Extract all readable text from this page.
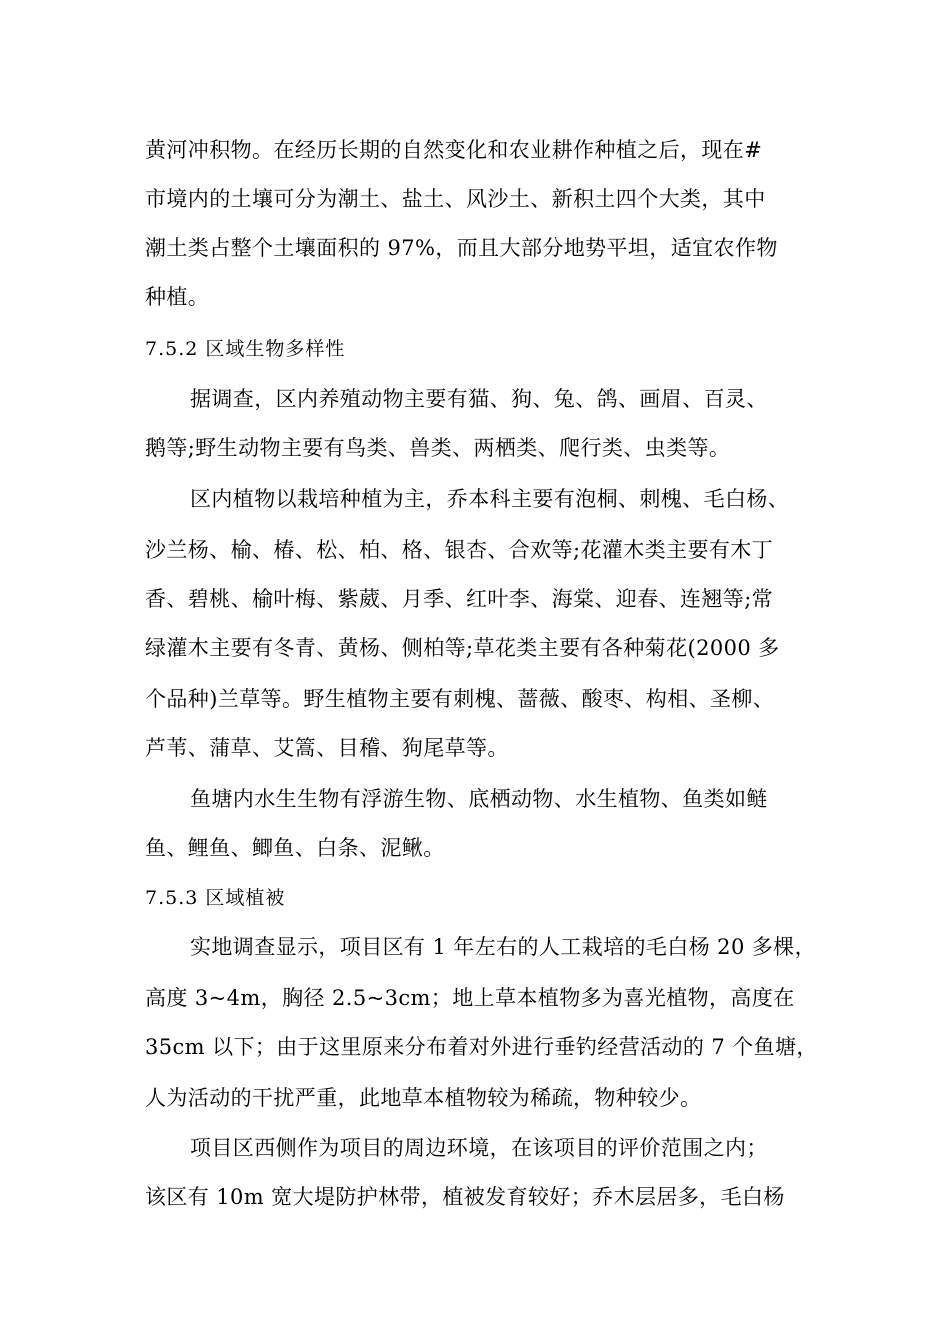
黄河冲积物。在经历长期的自然变化和农业耕作种植之后，现在#
市境内的土壤可分为潮土、盐土、风沙土、新积土四个大类，其中
潮土类占整个土壤面积的 97%，而且大部分地势平坦，适宜农作物
种植。
7.5.2 区域生物多样性
据调查，区内养殖动物主要有猫、狗、兔、鸽、画眉、百灵、
鹅等;野生动物主要有鸟类、兽类、两栖类、爬行类、虫类等。
区内植物以栽培种植为主，乔本科主要有泡桐、刺槐、毛白杨、
沙兰杨、榆、椿、松、柏、格、银杏、合欢等;花灌木类主要有木丁
香、碧桃、榆叶梅、紫葳、月季、红叶李、海棠、迎春、连翘等;常
绿灌木主要有冬青、黄杨、侧柏等;草花类主要有各种菊花(2000 多
个品种)兰草等。野生植物主要有刺槐、蔷薇、酸枣、构相、圣柳、
芦苇、蒲草、艾篙、目稽、狗尾草等。
鱼塘内水生生物有浮游生物、底栖动物、水生植物、鱼类如鲢
鱼、鲤鱼、鲫鱼、白条、泥鳅。
7.5.3 区域植被
实地调查显示，项目区有 1 年左右的人工栽培的毛白杨 20 多棵，
高度 3~4m，胸径 2.5~3cm；地上草本植物多为喜光植物，高度在
35cm 以下；由于这里原来分布着对外进行垂钓经营活动的 7 个鱼塘，
人为活动的干扰严重，此地草本植物较为稀疏，物种较少。
项目区西侧作为项目的周边环境，在该项目的评价范围之内；
该区有 10m 宽大堤防护林带，植被发育较好；乔木层居多，毛白杨
